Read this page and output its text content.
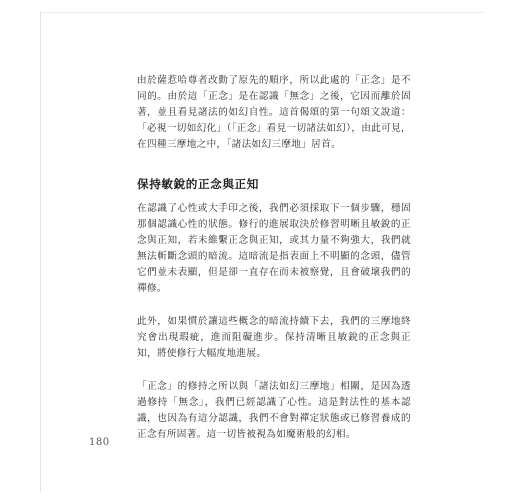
由於薩惹哈尊者改動了原先的順序，所以此處的「正念」是不同的。由於這「正念」是在認識「無念」之後，它因而離於固著，並且看見諸法的如幻自性。這首偈頌的第一句頌文說道：「必視一切如幻化」（「正念」看見一切諸法如幻），由此可見，在四種三摩地之中，「諸法如幻三摩地」居首。

保持敏銳的正念與正知

在認識了心性或大手印之後，我們必須採取下一個步驟，穩固那個認識心性的狀態。修行的進展取決於修習明晰且敏銳的正念與正知，若未維繫正念與正知，或其力量不夠強大，我們就無法斬斷念頭的暗流。這暗流是指表面上不明顯的念頭，儘管它們並未表顯，但是卻一直存在而未被察覺，且會破壞我們的禪修。

此外，如果慣於讓這些概念的暗流持續下去，我們的三摩地終究會出現瑕疵，進而阻礙進步。保持清晰且敏銳的正念與正知，將使修行大幅度地進展。

「正念」的修持之所以與「諸法如幻三摩地」相關，是因為透過修持「無念」，我們已經認識了心性。這是對法性的基本認識，也因為有這分認識，我們不會對禪定狀態或已修習養成的正念有所固著。這一切皆被視為如魔術般的幻相。

180
